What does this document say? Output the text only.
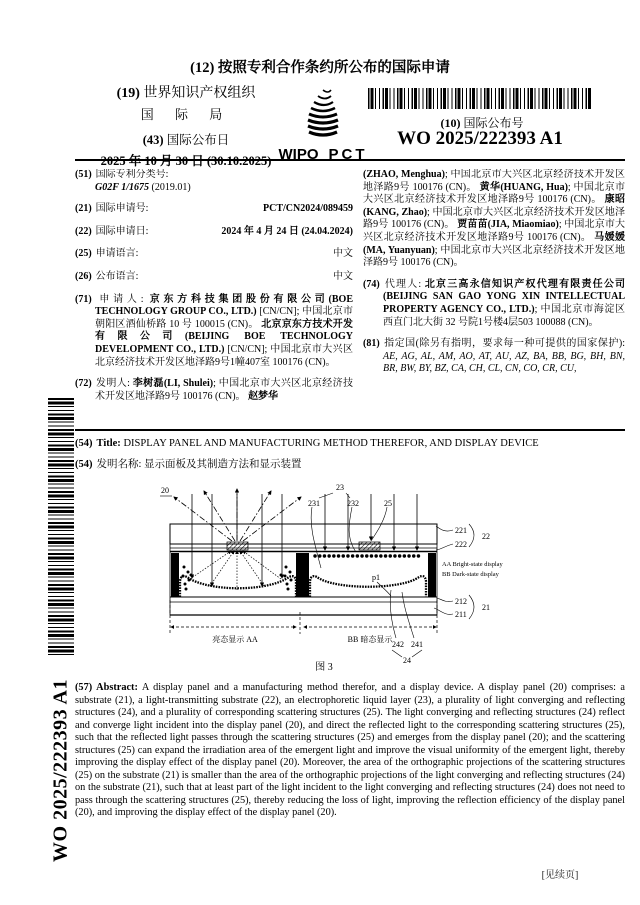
WO 2025/222393 A1
(12) 按照专利合作条约所公布的国际申请
(19) 世界知识产权组织
国 际 局
(43) 国际公布日
2025 年 10 月 30 日 (30.10.2025) WIPO PCT
(10) 国际公布号
WO 2025/222393 A1
(51) 国际专利分类号:
G02F 1/1675 (2019.01)
(21) 国际申请号:	PCT/CN2024/089459
(22) 国际申请日:	2024 年 4 月 24 日 (24.04.2024)
(25) 申请语言:	中文
(26) 公布语言:	中文
(71) 申请人: 京东方科技集团股份有限公司(BOE TECHNOLOGY GROUP CO., LTD.) [CN/CN]; 中国北京市朝阳区酒仙桥路 10 号 100015 (CN)。 北京京东方技术开发有限公司(BEIJING BOE TECHNOLOGY DEVELOPMENT CO., LTD.) [CN/CN]; 中国北京市大兴区北京经济技术开发区地泽路9号1幢407室 100176 (CN)。
(72) 发明人: 李树磊(LI, Shulei); 中国北京市大兴区北京经济技术开发区地泽路9号 100176 (CN)。 赵梦华
(ZHAO, Menghua); 中国北京市大兴区北京经济技术开发区地泽路9号 100176 (CN)。 黄华(HUANG, Hua); 中国北京市大兴区北京经济技术开发区地泽路9号 100176 (CN)。 康昭(KANG, Zhao); 中国北京市大兴区北京经济技术开发区地泽路9号 100176 (CN)。 贾苗苗(JIA, Miaomiao); 中国北京市大兴区北京经济技术开发区地泽路9号 100176 (CN)。 马媛媛(MA, Yuanyuan); 中国北京市大兴区北京经济技术开发区地泽路9号 100176 (CN)。
(74) 代理人: 北京三高永信知识产权代理有限责任公司 (BEIJING SAN GAO YONG XIN INTELLECTUAL PROPERTY AGENCY CO., LTD.); 中国北京市海淀区西直门北大街 32 号院1号楼4层503 100088 (CN)。
(81) 指定国(除另有指明，要求每一种可提供的国家保护): AE, AG, AL, AM, AO, AT, AU, AZ, BA, BB, BG, BH, BN, BR, BW, BY, BZ, CA, CH, CL, CN, CO, CR, CU,
(54) Title: DISPLAY PANEL AND MANUFACTURING METHOD THEREFOR, AND DISPLAY DEVICE
(54) 发明名称: 显示面板及其制造方法和显示装置
20	23
231	232	25
221
222
22
212
211
21
p1
242 241
24
AA Bright-state display
BB Dark-state display
亮态显示 AA	BB 暗态显示
图 3
(57) Abstract: A display panel and a manufacturing method therefor, and a display device. A display panel (20) comprises: a substrate (21), a light-transmitting substrate (22), an electrophoretic liquid layer (23), a plurality of light converging and reflecting structures (24), and a plurality of corresponding scattering structures (25). The light converging and reflecting structures (24) reflect and converge light incident into the display panel (20), and direct the reflected light to the corresponding scattering structures (25), such that the reflected light passes through the scattering structures (25) and emerges from the display panel (20); and the scattering structures (25) can expand the irradiation area of the emergent light and improve the visual uniformity of the emergent light, thereby improving the display effect of the display panel (20). Moreover, the area of the orthographic projections of the scattering structures (25) on the substrate (21) is smaller than the area of the orthographic projections of the light converging and reflecting structures (24) on the substrate (21), such that at least part of the light incident to the light converging and reflecting structures (24) does not need to pass through the scattering structures (25), thereby reducing the loss of light, improving the reflection efficiency of the display panel (20), and improving the display effect of the display panel (20).
[见续页]
